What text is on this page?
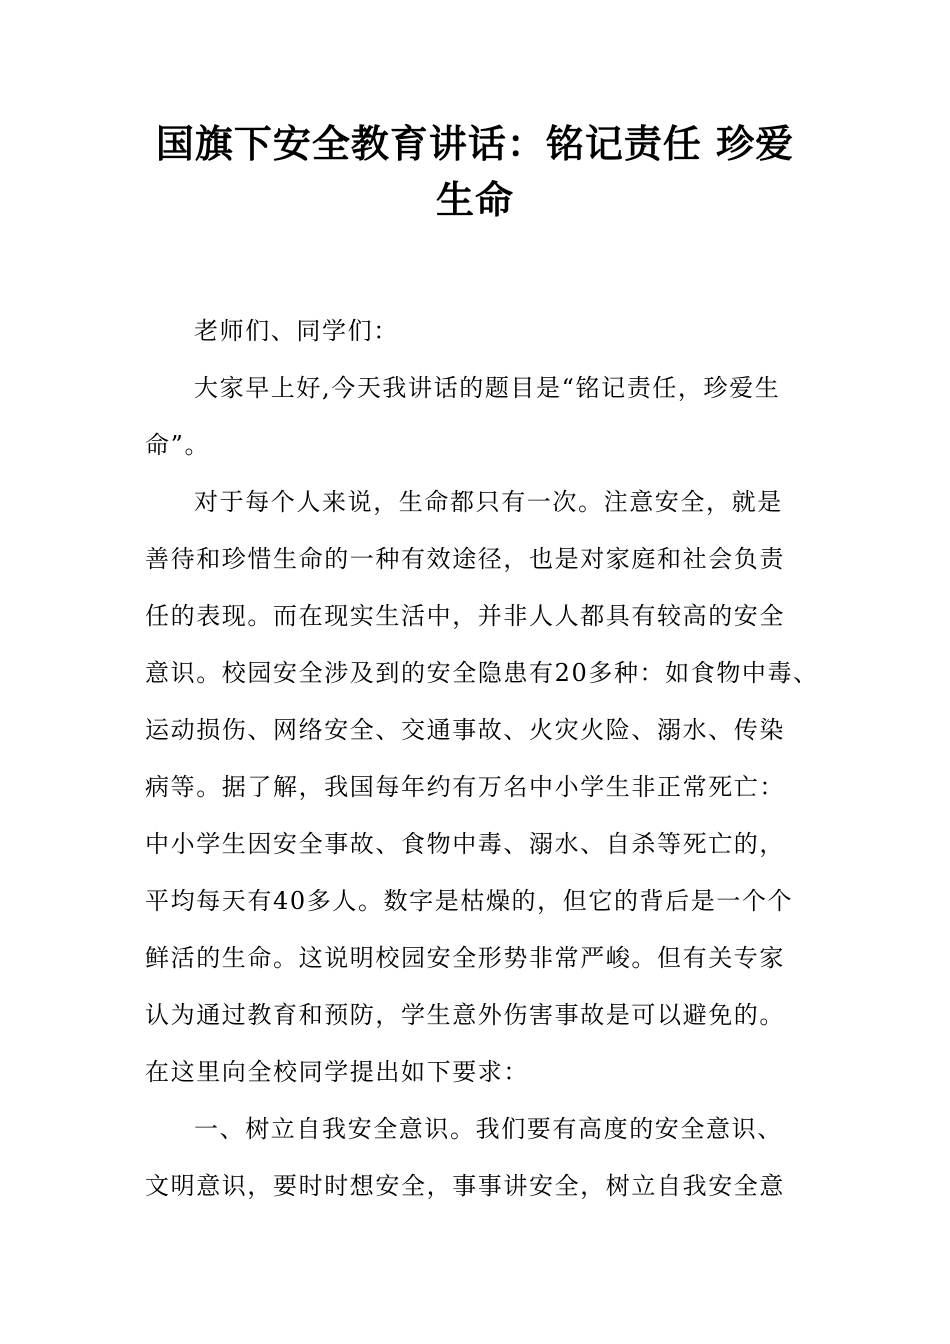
国旗下安全教育讲话：铭记责任 珍爱
生命
老师们、同学们：
大家早上好,今天我讲话的题目是“铭记责任，珍爱生
命”。
对于每个人来说，生命都只有一次。注意安全，就是
善待和珍惜生命的一种有效途径，也是对家庭和社会负责
任的表现。而在现实生活中，并非人人都具有较高的安全
意识。校园安全涉及到的安全隐患有20多种：如食物中毒、
运动损伤、网络安全、交通事故、火灾火险、溺水、传染
病等。据了解，我国每年约有万名中小学生非正常死亡：
中小学生因安全事故、食物中毒、溺水、自杀等死亡的，
平均每天有40多人。数字是枯燥的，但它的背后是一个个
鲜活的生命。这说明校园安全形势非常严峻。但有关专家
认为通过教育和预防，学生意外伤害事故是可以避免的。
在这里向全校同学提出如下要求：
一、树立自我安全意识。我们要有高度的安全意识、
文明意识，要时时想安全，事事讲安全，树立自我安全意
